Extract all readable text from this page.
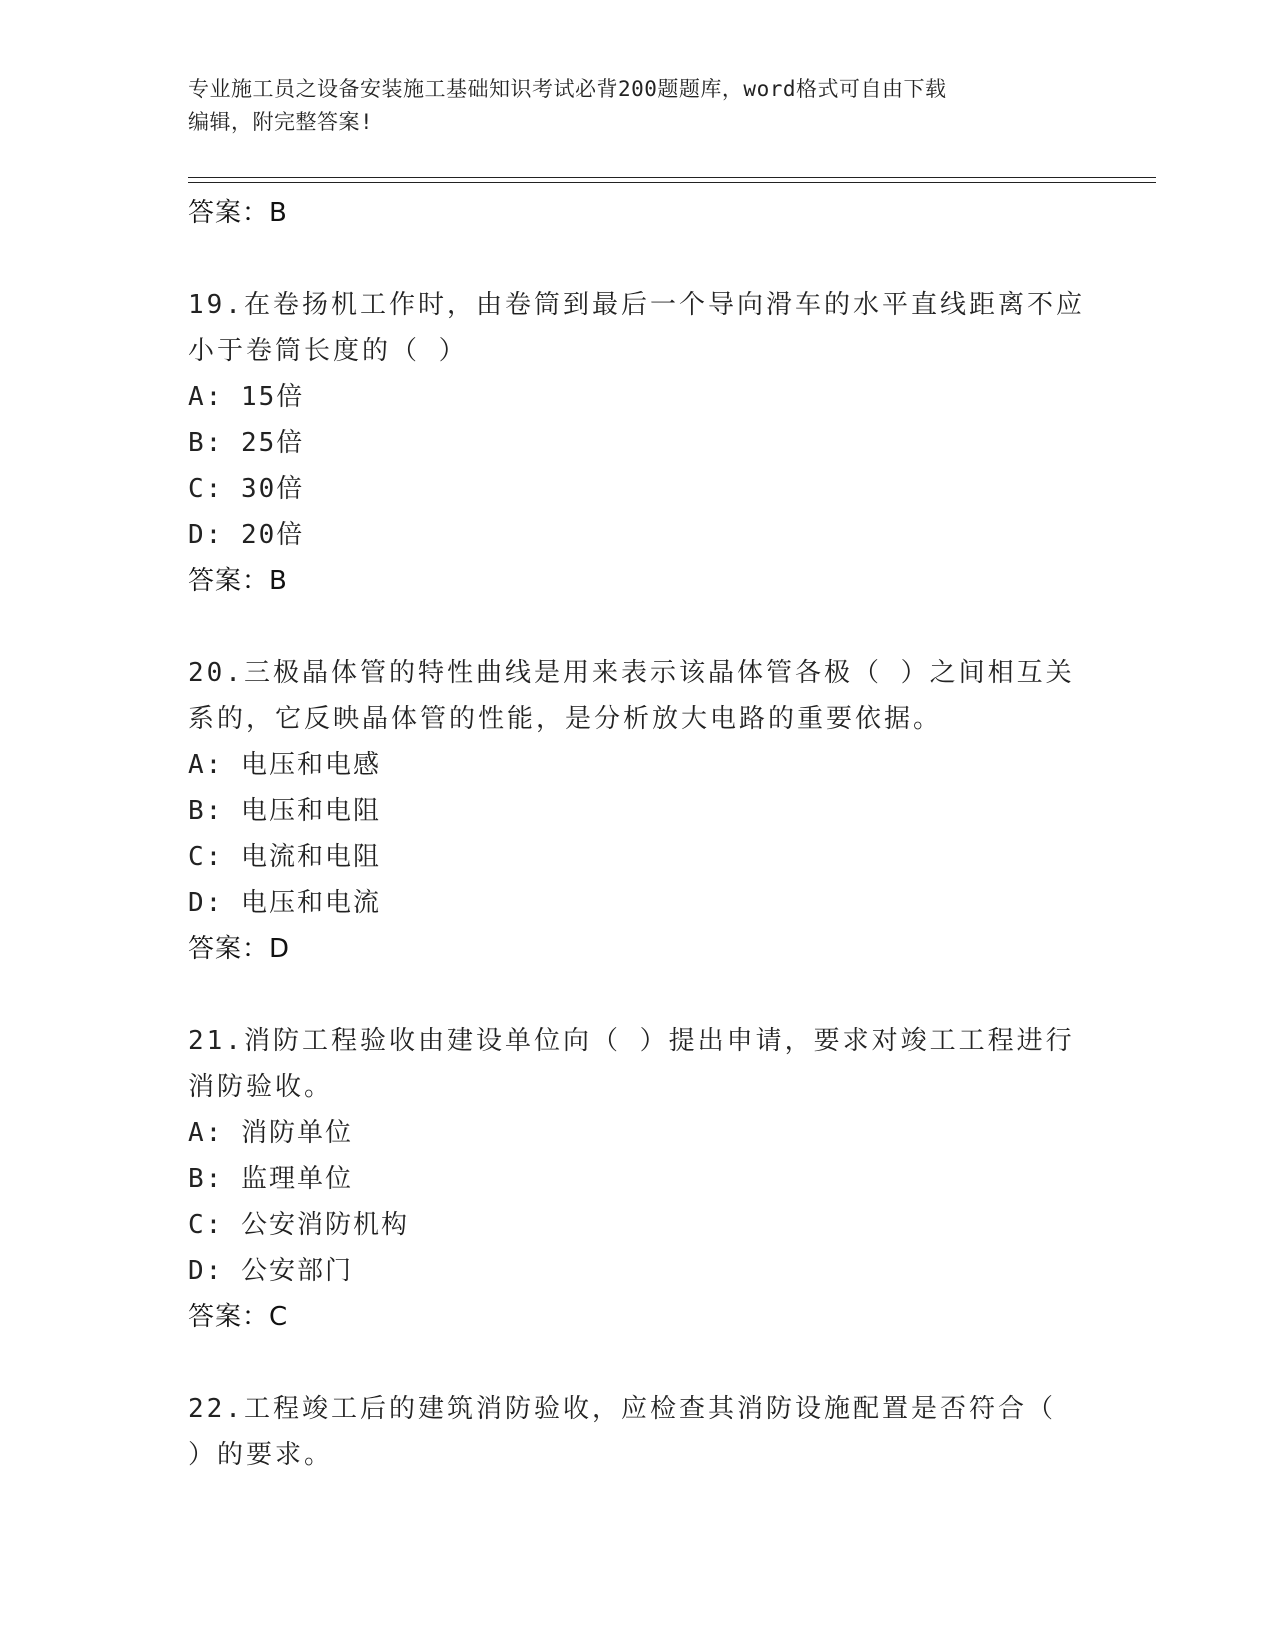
专业施工员之设备安装施工基础知识考试必背200题题库，word格式可自由下载
编辑，附完整答案!
答案：B
19.在卷扬机工作时，由卷筒到最后一个导向滑车的水平直线距离不应
小于卷筒长度的（ ）
A: 15倍
B: 25倍
C: 30倍
D: 20倍
答案：B
20.三极晶体管的特性曲线是用来表示该晶体管各极（ ）之间相互关
系的，它反映晶体管的性能，是分析放大电路的重要依据。
A: 电压和电感
B: 电压和电阻
C: 电流和电阻
D: 电压和电流
答案：D
21.消防工程验收由建设单位向（ ）提出申请，要求对竣工工程进行
消防验收。
A: 消防单位
B: 监理单位
C: 公安消防机构
D: 公安部门
答案：C
22.工程竣工后的建筑消防验收，应检查其消防设施配置是否符合（
）的要求。
